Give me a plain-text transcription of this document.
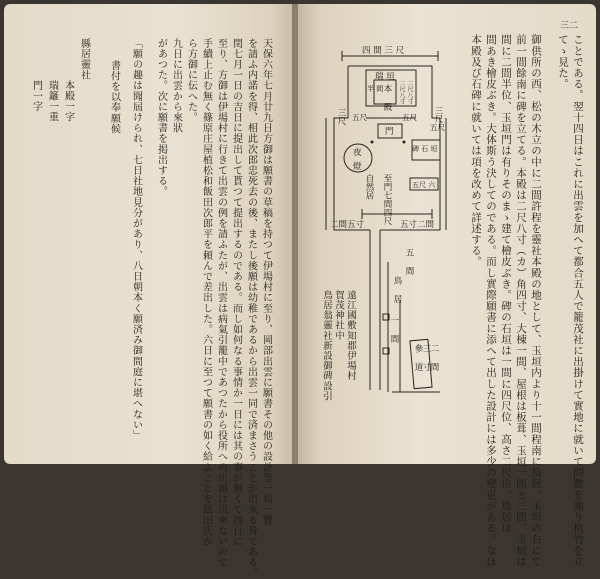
三二
ことである。翌十四日はこれに出雲を加へて都合五人で籠茂社に出掛けて實地に就いて間數を測り杭竹を立
てゝ見た。
御供所の西、松の木立の中に二間許程を靈社本殿の地として、玉垣内より十一間程南に鳥居、玉垣の右にて
前一間餘南に碑を立てる。本殿は二尺八寸（カ）角四寸、大棟一間、屋根は板葺、玉垣一間と三間、玉垣は
間に二間半位、玉垣門は有りそのまゝ建て檜皮ぶき。碑の石垣は一間に四尺位、高さ二尺位、鳥居は
間あき檜皮ぶき。大体斯う決してのである。而し實際願書に添へて出した設計には多少の變更がある。なほ
本殿及び石碑に就いては項を改めて詳述する。
四 間 三 尺
瑞 垣
半 間
本 殿 二尺八寸 二尺八寸
門
三尺 五尺	五尺 三尺
五尺
夜
燈
碑 石 垣
五尺 六
自然居 至門七間四尺
二間五寸	五寸二間
五 間
鳥 居
一 間
參 道
三 寸
二 間
遠江國敷知郡伊場村
賀茂神社中
鳥居翁靈社新設御碑設引
天保六年七月廿九日方御は願書の草稿を持つて伊場村に至り、岡部出雲に願書その他の設計等一切一覽
を請ふ内諾を得、相此次郎忠死去の後、またし後願は幼稚であるから出雲一同で済まさうことが出來る旨である。
閏七月一日の吉日に提出して貰つて提出するのである。而し如何なる事情か一日には其の事が無くて四日に
至り、方御は伊場村に行きて出雲の例を請ふたが、出雲は病氣引籠中であつたから役所への出頭は出來ないので
手續上止む無く篠原庄屋植松和飯田次郎平を頼んで差出した。六日に至つて願書の如く給ふことを飯田氏か
ら方御に伝へた。
九日に出雲から來狀
があつた。次に願書を掲出する。
「願の趣は聞屆けられ、七日社地見分があり、八日朝本く願済み御間庭に堪へない」
書付を以奉願候
縣居靈社
本殿一字
瑞籬一重
門一字
